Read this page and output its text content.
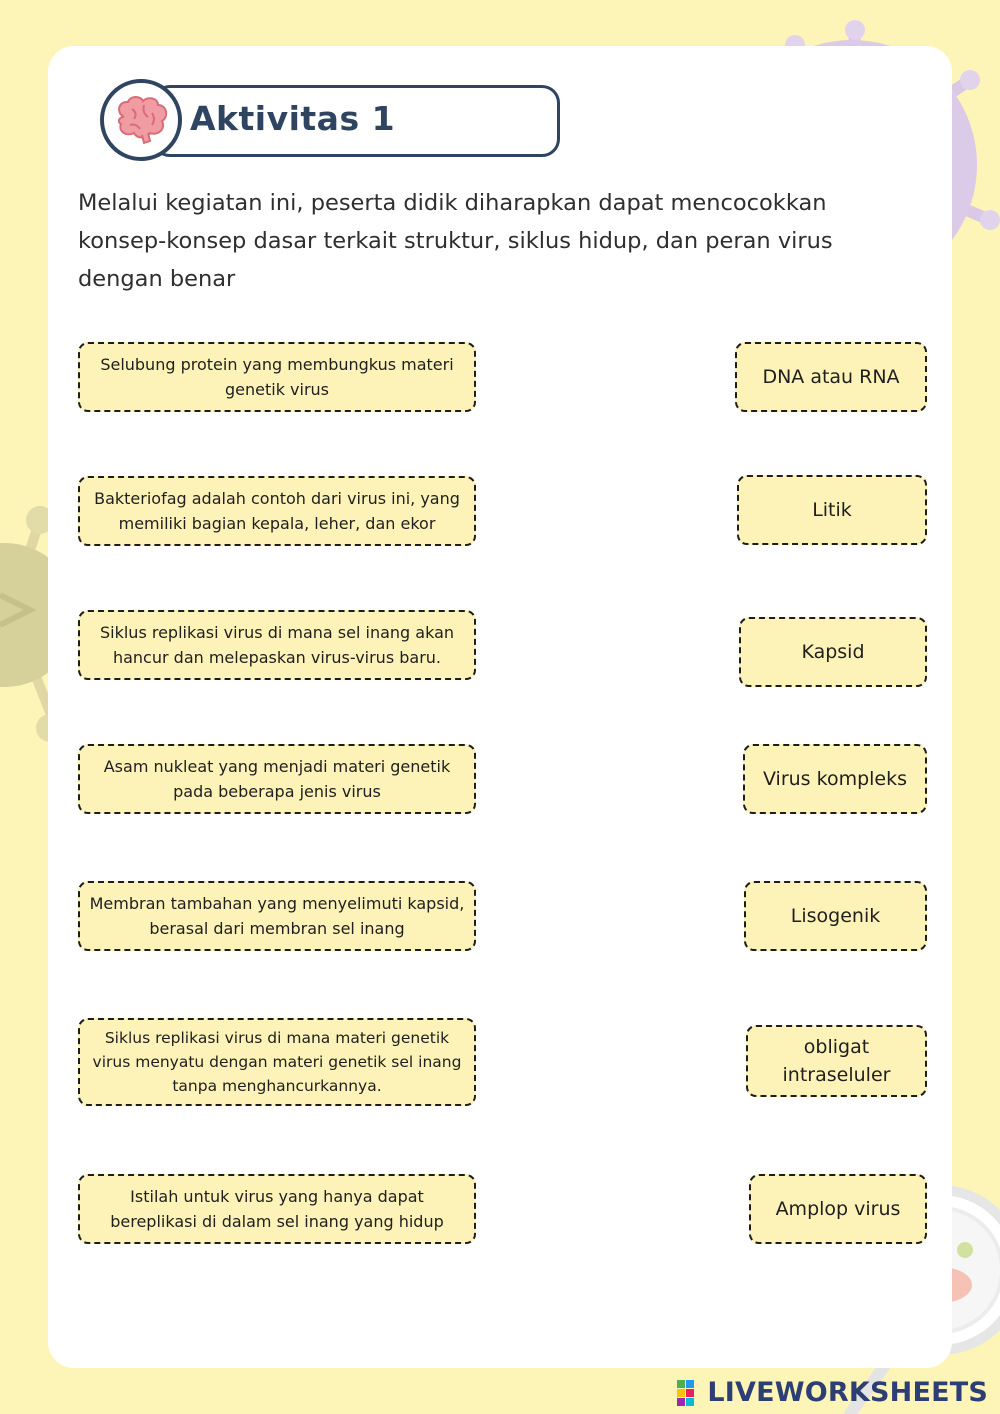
Aktivitas 1
Melalui kegiatan ini, peserta didik diharapkan dapat mencocokkan konsep-konsep dasar terkait struktur, siklus hidup, dan peran virus dengan benar
Selubung protein yang membungkus materi genetik virus
Bakteriofag adalah contoh dari virus ini, yang memiliki bagian kepala, leher, dan ekor
Siklus replikasi virus di mana sel inang akan hancur dan melepaskan virus-virus baru.
Asam nukleat yang menjadi materi genetik pada beberapa jenis virus
Membran tambahan yang menyelimuti kapsid, berasal dari membran sel inang
Siklus replikasi virus di mana materi genetik virus menyatu dengan materi genetik sel inang tanpa menghancurkannya.
Istilah untuk virus yang hanya dapat bereplikasi di dalam sel inang yang hidup
DNA atau RNA
Litik
Kapsid
Virus kompleks
Lisogenik
obligat intraseluler
Amplop virus
LIVEWORKSHEETS
